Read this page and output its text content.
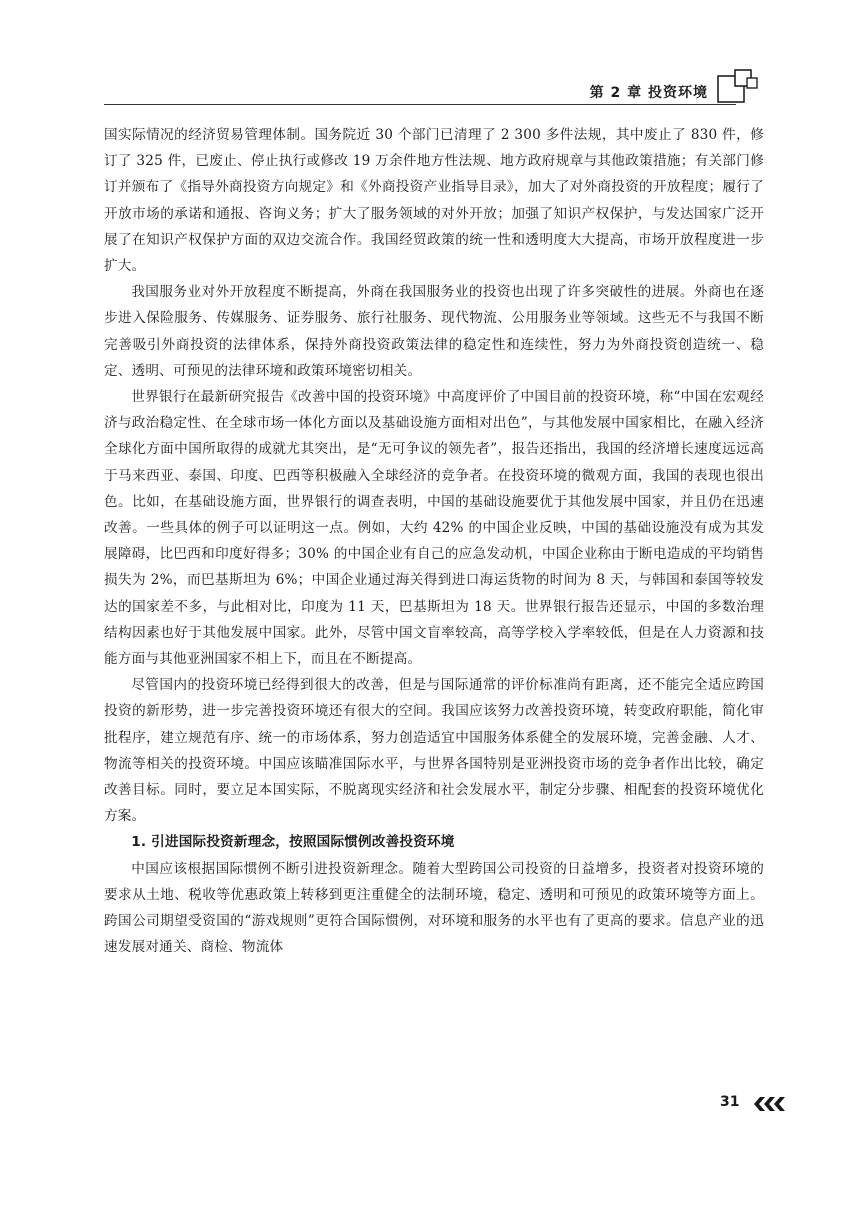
第 2 章 投资环境

国实际情况的经济贸易管理体制。国务院近 30 个部门已清理了 2 300 多件法规，其中废止了 830 件，修订了 325 件，已废止、停止执行或修改 19 万余件地方性法规、地方政府规章与其他政策措施；有关部门修订并颁布了《指导外商投资方向规定》和《外商投资产业指导目录》，加大了对外商投资的开放程度；履行了开放市场的承诺和通报、咨询义务；扩大了服务领域的对外开放；加强了知识产权保护，与发达国家广泛开展了在知识产权保护方面的双边交流合作。我国经贸政策的统一性和透明度大大提高，市场开放程度进一步扩大。

我国服务业对外开放程度不断提高，外商在我国服务业的投资也出现了许多突破性的进展。外商也在逐步进入保险服务、传媒服务、证券服务、旅行社服务、现代物流、公用服务业等领域。这些无不与我国不断完善吸引外商投资的法律体系，保持外商投资政策法律的稳定性和连续性，努力为外商投资创造统一、稳定、透明、可预见的法律环境和政策环境密切相关。

世界银行在最新研究报告《改善中国的投资环境》中高度评价了中国目前的投资环境，称“中国在宏观经济与政治稳定性、在全球市场一体化方面以及基础设施方面相对出色”，与其他发展中国家相比，在融入经济全球化方面中国所取得的成就尤其突出，是“无可争议的领先者”，报告还指出，我国的经济增长速度远远高于马来西亚、泰国、印度、巴西等积极融入全球经济的竞争者。在投资环境的微观方面，我国的表现也很出色。比如，在基础设施方面，世界银行的调查表明，中国的基础设施要优于其他发展中国家，并且仍在迅速改善。一些具体的例子可以证明这一点。例如，大约 42% 的中国企业反映，中国的基础设施没有成为其发展障碍，比巴西和印度好得多；30% 的中国企业有自己的应急发动机，中国企业称由于断电造成的平均销售损失为 2%，而巴基斯坦为 6%；中国企业通过海关得到进口海运货物的时间为 8 天，与韩国和泰国等较发达的国家差不多，与此相对比，印度为 11 天，巴基斯坦为 18 天。世界银行报告还显示，中国的多数治理结构因素也好于其他发展中国家。此外，尽管中国文盲率较高，高等学校入学率较低，但是在人力资源和技能方面与其他亚洲国家不相上下，而且在不断提高。

尽管国内的投资环境已经得到很大的改善，但是与国际通常的评价标准尚有距离，还不能完全适应跨国投资的新形势，进一步完善投资环境还有很大的空间。我国应该努力改善投资环境，转变政府职能，简化审批程序，建立规范有序、统一的市场体系，努力创造适宜中国服务体系健全的发展环境，完善金融、人才、物流等相关的投资环境。中国应该瞄准国际水平，与世界各国特别是亚洲投资市场的竞争者作出比较，确定改善目标。同时，要立足本国实际，不脱离现实经济和社会发展水平，制定分步骤、相配套的投资环境优化方案。

1. 引进国际投资新理念，按照国际惯例改善投资环境

中国应该根据国际惯例不断引进投资新理念。随着大型跨国公司投资的日益增多，投资者对投资环境的要求从土地、税收等优惠政策上转移到更注重健全的法制环境，稳定、透明和可预见的政策环境等方面上。跨国公司期望受资国的“游戏规则”更符合国际惯例，对环境和服务的水平也有了更高的要求。信息产业的迅速发展对通关、商检、物流体

31
